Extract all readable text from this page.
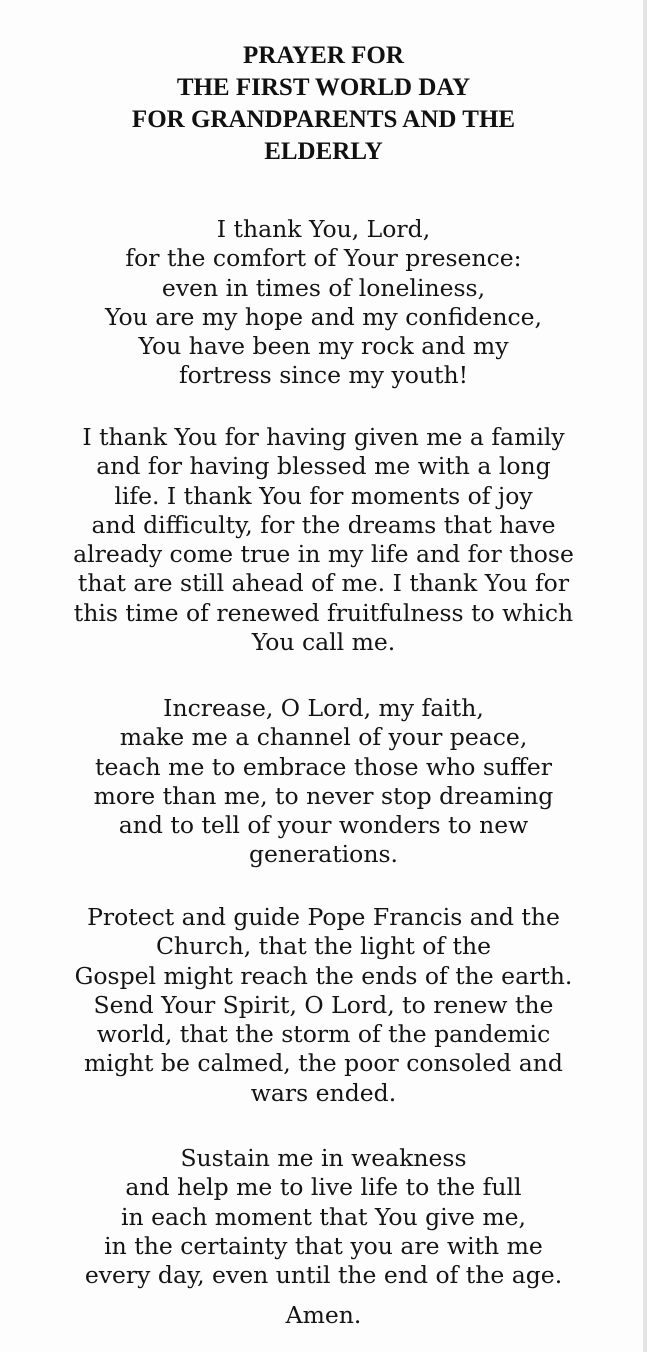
PRAYER FOR
THE FIRST WORLD DAY
FOR GRANDPARENTS AND THE
ELDERLY

I thank You, Lord,
for the comfort of Your presence:
even in times of loneliness,
You are my hope and my confidence,
You have been my rock and my
fortress since my youth!

I thank You for having given me a family
and for having blessed me with a long
life. I thank You for moments of joy
and difficulty, for the dreams that have
already come true in my life and for those
that are still ahead of me. I thank You for
this time of renewed fruitfulness to which
You call me.

Increase, O Lord, my faith,
make me a channel of your peace,
teach me to embrace those who suffer
more than me, to never stop dreaming
and to tell of your wonders to new
generations.

Protect and guide Pope Francis and the
Church, that the light of the
Gospel might reach the ends of the earth.
Send Your Spirit, O Lord, to renew the
world, that the storm of the pandemic
might be calmed, the poor consoled and
wars ended.

Sustain me in weakness
and help me to live life to the full
in each moment that You give me,
in the certainty that you are with me
every day, even until the end of the age.

Amen.
